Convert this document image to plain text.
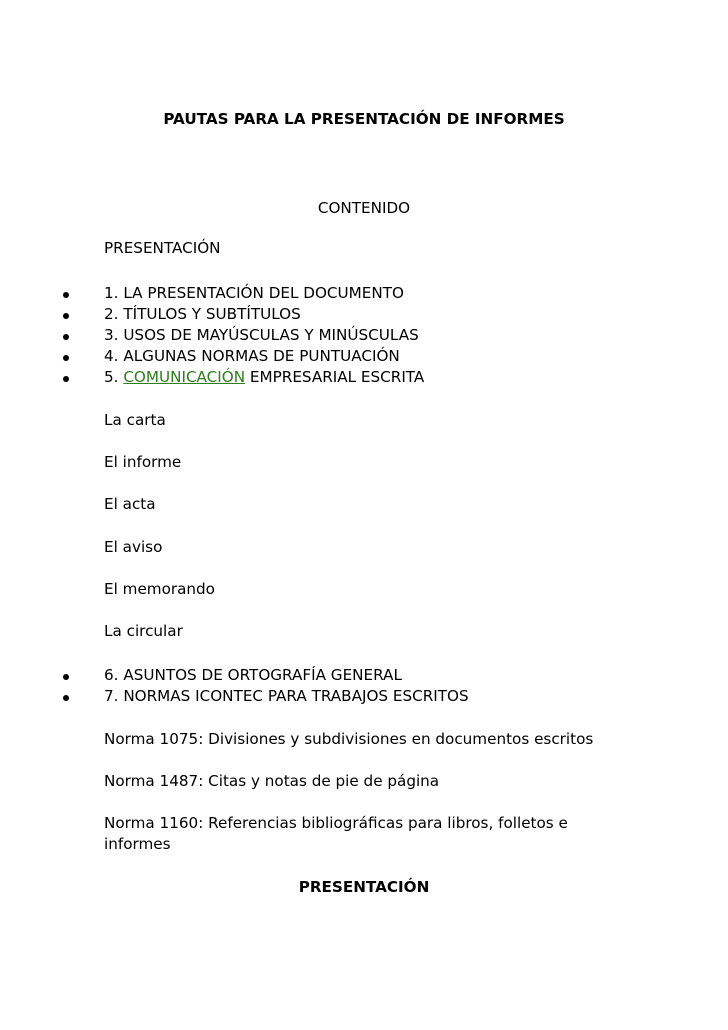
PAUTAS PARA LA PRESENTACIÓN DE INFORMES
CONTENIDO
PRESENTACIÓN
1. LA PRESENTACIÓN DEL DOCUMENTO
2. TÍTULOS Y SUBTÍTULOS
3. USOS DE MAYÚSCULAS Y MINÚSCULAS
4. ALGUNAS NORMAS DE PUNTUACIÓN
5. COMUNICACIÓN EMPRESARIAL ESCRITA
La carta
El informe
El acta
El aviso
El memorando
La circular
6. ASUNTOS DE ORTOGRAFÍA GENERAL
7. NORMAS ICONTEC PARA TRABAJOS ESCRITOS
Norma 1075: Divisiones y subdivisiones en documentos escritos
Norma 1487: Citas y notas de pie de página
Norma 1160: Referencias bibliográficas para libros, folletos e informes
PRESENTACIÓN
